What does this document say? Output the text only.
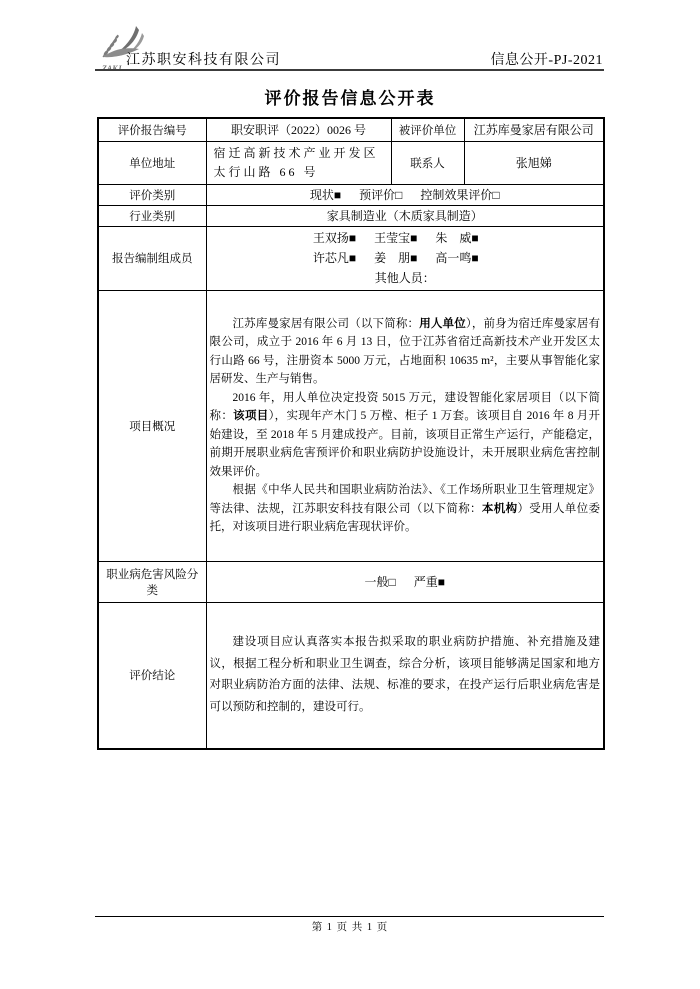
江苏职安科技有限公司	信息公开-PJ-2021
评价报告信息公开表
评价报告编号	职安职评（2022）0026 号	被评价单位	江苏库曼家居有限公司
单位地址	宿迁高新技术产业开发区太行山路 66 号	联系人	张旭娣
评价类别	现状■ 预评价□ 控制效果评价□		
行业类别	家具制造业（木质家具制造）		
报告编制组成员	王双扬■ 王莹宝■ 朱　威■
许芯凡■ 姜　朋■ 高一鸣■
其他人员：		

项目概况	江苏库曼家居有限公司（以下简称：用人单位），前身为宿迁库曼家居有限公司，成立于 2016 年 6 月 13 日，位于江苏省宿迁高新技术产业开发区太行山路 66 号，注册资本 5000 万元，占地面积 10635 m²，主要从事智能化家居研发、生产与销售。

2016 年，用人单位决定投资 5015 万元，建设智能化家居项目（以下简称：该项目），实现年产木门 5 万樘、柜子 1 万套。该项目自 2016 年 8 月开始建设，至 2018 年 5 月建成投产。目前，该项目正常生产运行，产能稳定，前期开展职业病危害预评价和职业病防护设施设计，未开展职业病危害控制效果评价。

根据《中华人民共和国职业病防治法》、《工作场所职业卫生管理规定》等法律、法规，江苏职安科技有限公司（以下简称：本机构）受用人单位委托，对该项目进行职业病危害现状评价。		

职业病危害风险分类	一般□ 严重■		
评价结论	建设项目应认真落实本报告拟采取的职业病防护措施、补充措施及建议，根据工程分析和职业卫生调查，综合分析，该项目能够满足国家和地方对职业病防治方面的法律、法规、标准的要求，在投产运行后职业病危害是可以预防和控制的，建设可行。		

第 1 页 共 1 页
